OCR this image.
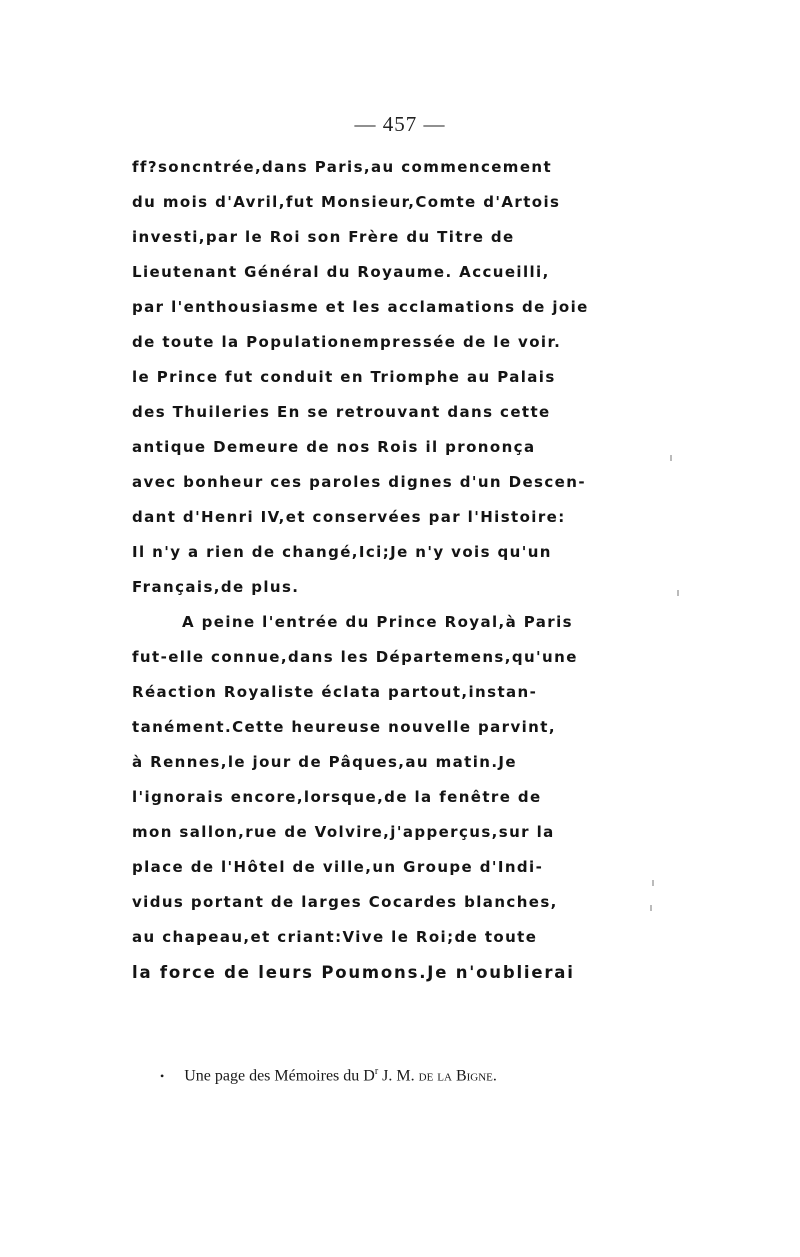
— 457 —
ff?soncntrée,dans Paris,au commencement
du mois d'Avril,fut Monsieur,Comte d'Artois
investi,par le Roi son Frère du Titre de
Lieutenant Général du Royaume. Accueilli,
par l'enthousiasme et les acclamations de joie
de toute la Populationempressée de le voir.
le Prince fut conduit en Triomphe au Palais
des Thuileries En se retrouvant dans cette
antique Demeure de nos Rois il prononça
avec bonheur ces paroles dignes d'un Descen-
dant d'Henri IV,et conservées par l'Histoire:
Il n'y a rien de changé,Ici;Je n'y vois qu'un
Français,de plus.
A peine l'entrée du Prince Royal,à Paris
fut-elle connue,dans les Départemens,qu'une
Réaction Royaliste éclata partout,instan-
tanément.Cette heureuse nouvelle parvint,
à Rennes,le jour de Pâques,au matin.Je
l'ignorais encore,lorsque,de la fenêtre de
mon sallon,rue de Volvire,j'apperçus,sur la
place de l'Hôtel de ville,un Groupe d'Indi-
vidus portant de larges Cocardes blanches,
au chapeau,et criant:Vive le Roi;de toute
la force de leurs Poumons.Je n'oublierai
• Une page des Mémoires du $D^r$ J. M. de la Bigne.
